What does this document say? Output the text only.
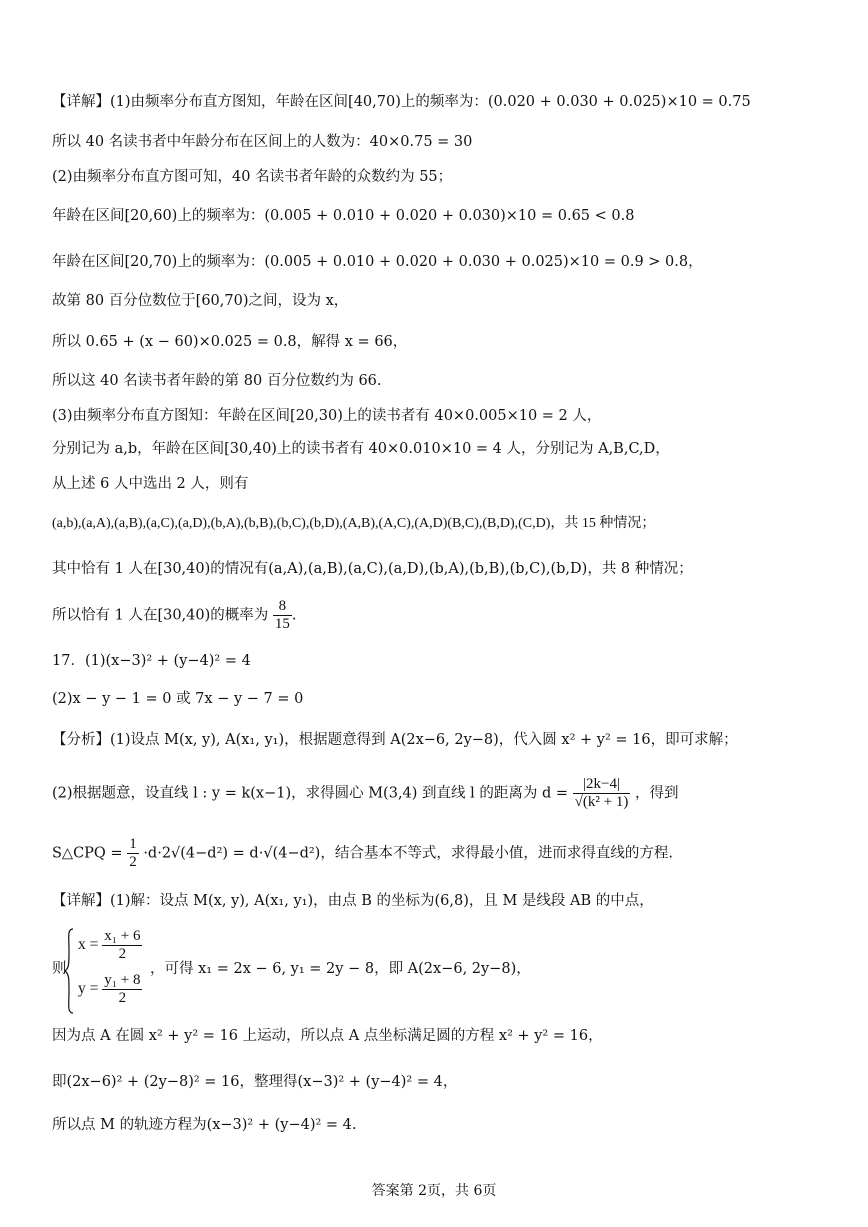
【详解】(1)由频率分布直方图知，年龄在区间[40,70)上的频率为：(0.020 + 0.030 + 0.025)×10 = 0.75
所以 40 名读书者中年龄分布在区间上的人数为：40×0.75 = 30
(2)由频率分布直方图可知，40 名读书者年龄的众数约为 55；
年龄在区间[20,60)上的频率为：(0.005 + 0.010 + 0.020 + 0.030)×10 = 0.65 < 0.8
年龄在区间[20,70)上的频率为：(0.005 + 0.010 + 0.020 + 0.030 + 0.025)×10 = 0.9 > 0.8，
故第 80 百分位数位于[60,70)之间，设为 x，
所以 0.65 + (x − 60)×0.025 = 0.8，解得 x = 66，
所以这 40 名读书者年龄的第 80 百分位数约为 66.
(3)由频率分布直方图知：年龄在区间[20,30)上的读书者有 40×0.005×10 = 2 人，
分别记为 a,b，年龄在区间[30,40)上的读书者有 40×0.010×10 = 4 人，分别记为 A,B,C,D，
从上述 6 人中选出 2 人，则有
(a,b),(a,A),(a,B),(a,C),(a,D),(b,A),(b,B),(b,C),(b,D),(A,B),(A,C),(A,D)(B,C),(B,D),(C,D)，共 15 种情况；
其中恰有 1 人在[30,40)的情况有(a,A),(a,B),(a,C),(a,D),(b,A),(b,B),(b,C),(b,D)，共 8 种情况；
所以恰有 1 人在[30,40)的概率为 $\frac{8}{15}$ .
17．(1)(x−3)² + (y−4)² = 4
(2)x − y − 1 = 0 或 7x − y − 7 = 0
【分析】(1)设点 M(x, y), A(x₁, y₁)，根据题意得到 A(2x−6, 2y−8)，代入圆 x² + y² = 16，即可求解；
(2)根据题意，设直线 l : y = k(x−1)，求得圆心 M(3,4) 到直线 l 的距离为 $d = \frac{|2k-4|}{\text{√(k² + 1)}}$ ，得到
S△CPQ = $\frac{1}{2} \cdot d\cdot 2√(4-d^2) = d\cdot√(4-d^2)$，结合基本不等式，求得最小值，进而求得直线的方程.
【详解】(1)解：设点 M(x, y), A(x₁, y₁)，由点 B 的坐标为(6,8)，且 M 是线段 AB 的中点，
则
$x = \frac{\text{x₁ + 6}}{2}$
$y = \frac{\text{y₁ + 8}}{2}$
，可得 x₁ = 2x − 6, y₁ = 2y − 8，即 A(2x−6, 2y−8)，
因为点 A 在圆 x² + y² = 16 上运动，所以点 A 点坐标满足圆的方程 x² + y² = 16，
即(2x−6)² + (2y−8)² = 16，整理得(x−3)² + (y−4)² = 4，
所以点 M 的轨迹方程为(x−3)² + (y−4)² = 4.
答案第 2页，共 6页
